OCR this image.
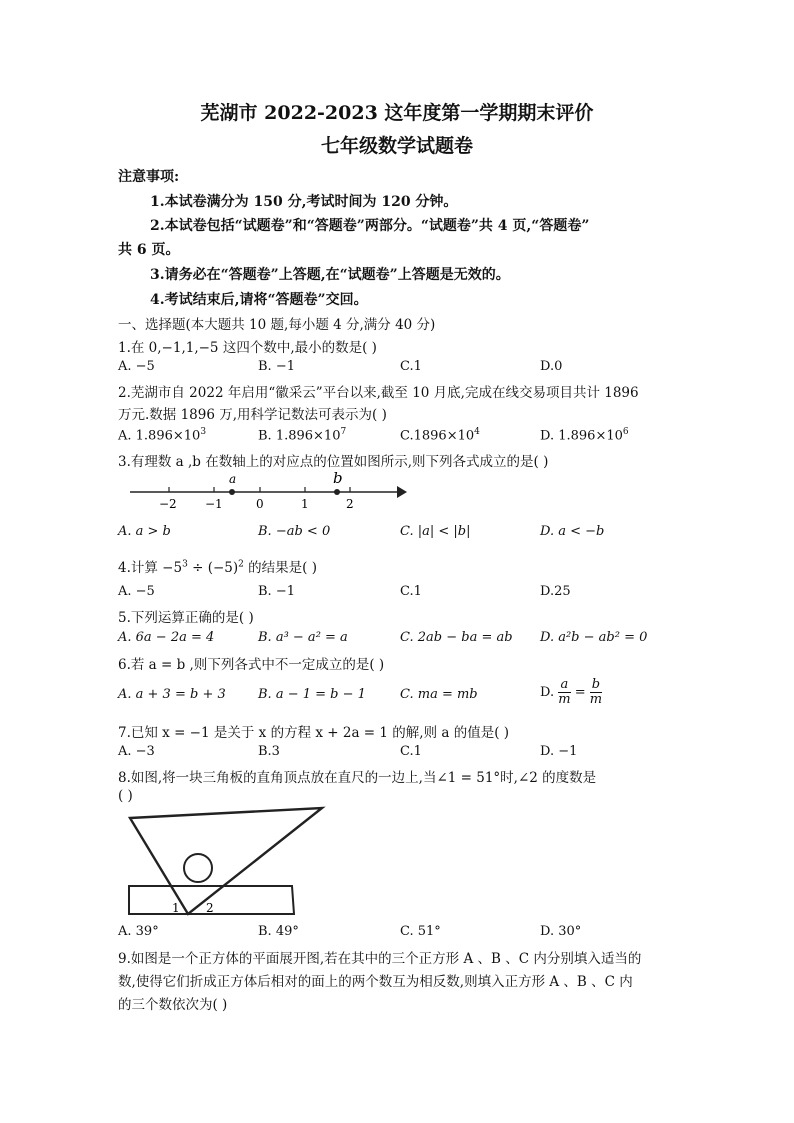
芜湖市 2022-2023 这年度第一学期期末评价
七年级数学试题卷
注意事项:
1.本试卷满分为 150 分,考试时间为 120 分钟。
2.本试卷包括“试题卷”和“答题卷”两部分。“试题卷”共 4 页,“答题卷”
共 6 页。
3.请务必在“答题卷”上答题,在“试题卷”上答题是无效的。
4.考试结束后,请将“答题卷”交回。
一、选择题(本大题共 10 题,每小题 4 分,满分 40 分)
1.在 0,−1,1,−5 这四个数中,最小的数是( )
A. −5	B. −1	C.1	D.0
2.芜湖市自 2022 年启用“徽采云”平台以来,截至 10 月底,完成在线交易项目共计 1896
万元.数据 1896 万,用科学记数法可表示为( )
A. $1.896\times 10^3$	B. $1.896\times 10^7$	$C.1896\times 10^4$	D. $1.896\times 10^6$
3.有理数 a ,b 在数轴上的对应点的位置如图所示,则下列各式成立的是( )
a	b
−2 −1	0	1	2
A. a > b	B. −ab < 0	C. |a| < |b|	D. a < −b
4.计算 $-5^3 \div (-5)^2$ 的结果是( )
A. −5	B. −1	C.1	D.25
5.下列运算正确的是( )
A. 6a − 2a = 4	B. a³ − a² = a	C. 2ab − ba = ab D. a²b − ab² = 0
6.若 a = b ,则下列各式中不一定成立的是( )
A. a + 3 = b + 3 B. a − 1 = b − 1	C. ma = mb	D. $\frac{a}{m} = \frac{b}{m}$
7.已知 x = −1 是关于 x 的方程 x + 2a = 1 的解,则 a 的值是( )
A. −3	B.3	C.1	D. −1
8.如图,将一块三角板的直角顶点放在直尺的一边上,当∠1 = 51°时,∠2 的度数是
( )
1 2
A. 39°	B. 49°	C. 51°	D. 30°
9.如图是一个正方体的平面展开图,若在其中的三个正方形 A 、B 、C 内分别填入适当的
数,使得它们折成正方体后相对的面上的两个数互为相反数,则填入正方形 A 、B 、C 内
的三个数依次为( )
